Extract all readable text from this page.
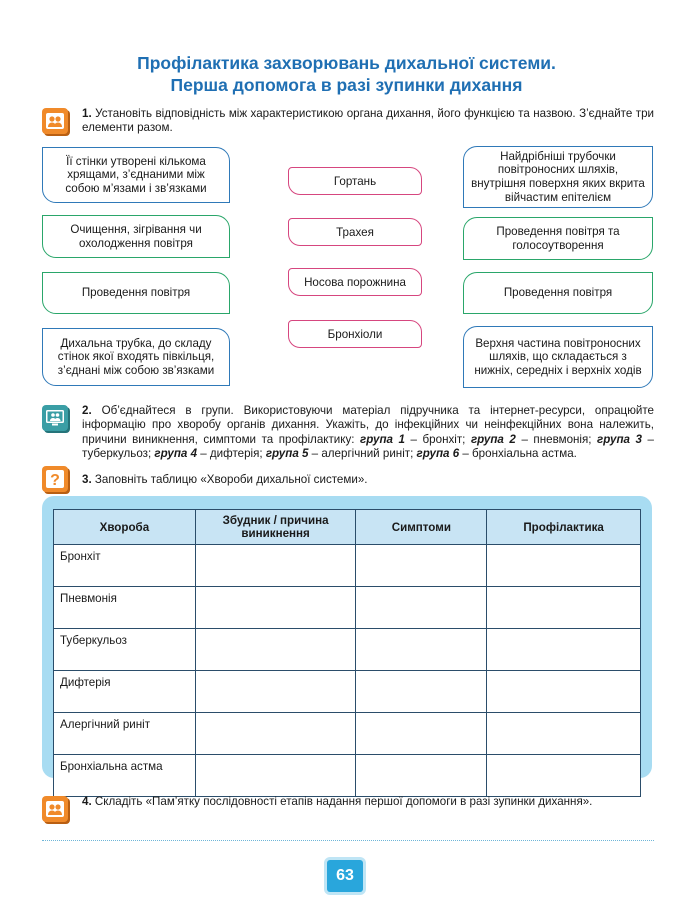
Профілактика захворювань дихальної системи.
Перша допомога в разі зупинки дихання
1. Установіть відповідність між характеристикою органа дихання, його функцією та назвою. З’єднайте три елементи разом.
Її стінки утворені кількома хрящами, з’єднаними між собою м’язами і зв’язками
Очищення, зігрівання чи охолодження повітря
Проведення повітря
Дихальна трубка, до складу стінок якої входять півкільця, з’єднані між собою зв’язками
Гортань
Трахея
Носова порожнина
Бронхіоли
Найдрібніші трубочки повітроносних шляхів, внутрішня поверхня яких вкрита війчастим епітелієм
Проведення повітря та голосоутворення
Проведення повітря
Верхня частина повітроносних шляхів, що складається з нижніх, середніх і верхніх ходів
2. Об’єднайтеся в групи. Використовуючи матеріал підручника та інтернет-ресурси, опрацюйте інформацію про хворобу органів дихання. Укажіть, до інфекційних чи неінфекційних вона належить, причини виникнення, симптоми та профілактику: група 1 – бронхіт; група 2 – пневмонія; група 3 – туберкульоз; група 4 – дифтерія; група 5 – алергічний риніт; група 6 – бронхіальна астма.
? 3. Заповніть таблицю «Хвороби дихальної системи».
Хвороба	Збудник / причина виникнення	Симптоми	Профілактика
Бронхіт			
Пневмонія			
Туберкульоз			
Дифтерія			
Алергічний риніт			
Бронхіальна астма			
4. Складіть «Пам’ятку послідовності етапів надання першої допомоги в разі зупинки дихання».
63
